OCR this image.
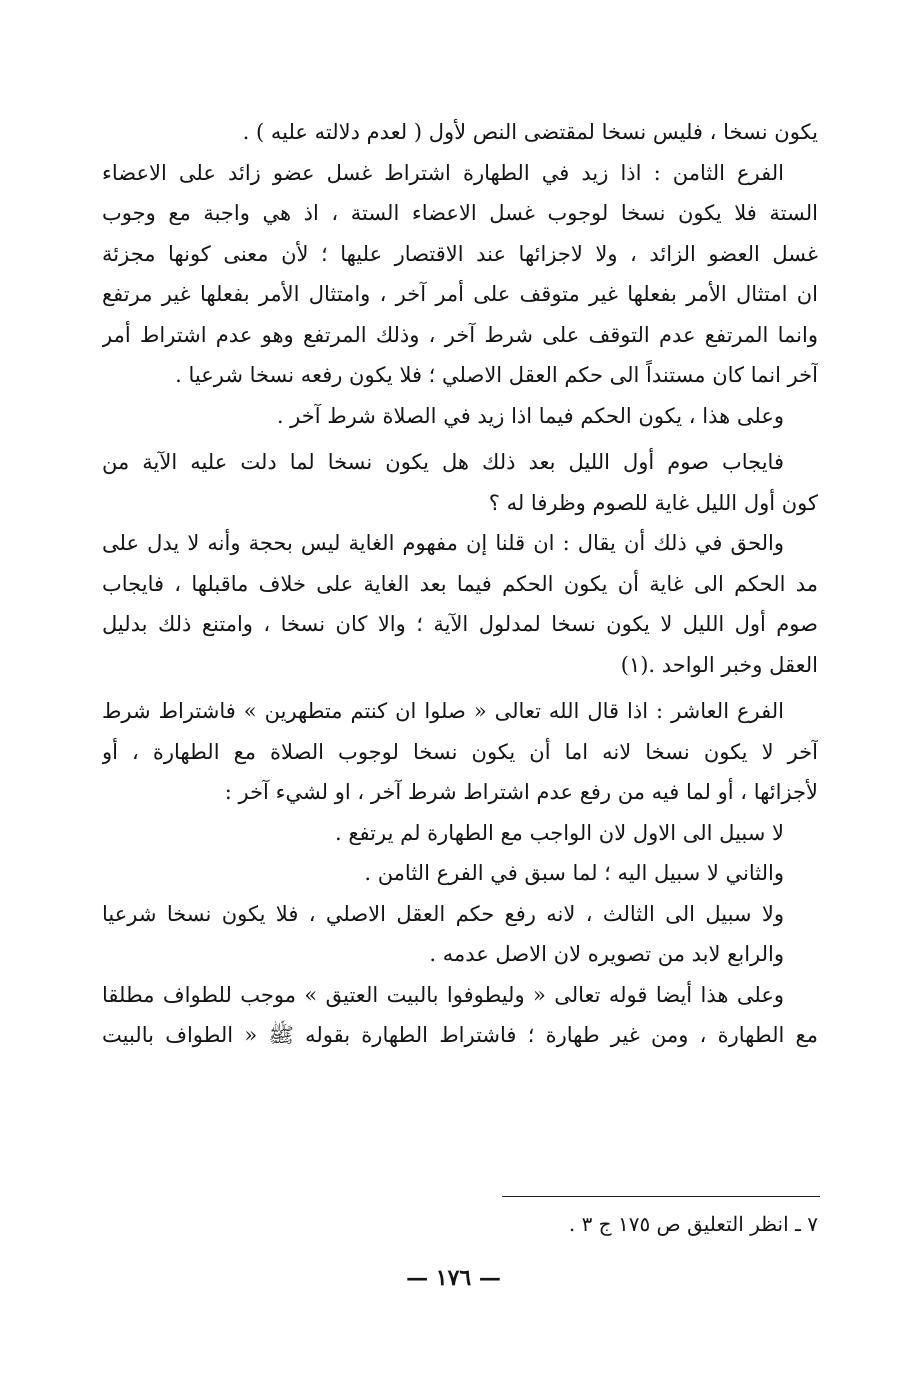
يكون نسخا ، فليس نسخا لمقتضى النص لأول ( لعدم دلالته عليه ) .
الفرع الثامن : اذا زيد في الطهارة اشتراط غسل عضو زائد على الاعضاء
الستة فلا يكون نسخا لوجوب غسل الاعضاء الستة ، اذ هي واجبة مع وجوب
غسل العضو الزائد ، ولا لاجزائها عند الاقتصار عليها ؛ لأن معنى كونها مجزئة
ان امتثال الأمر بفعلها غير متوقف على أمر آخر ، وامتثال الأمر بفعلها غير مرتفع
وانما المرتفع عدم التوقف على شرط آخر ، وذلك المرتفع وهو عدم اشتراط أمر
آخر انما كان مستنداً الى حكم العقل الاصلي ؛ فلا يكون رفعه نسخا شرعيا .
وعلى هذا ، يكون الحكم فيما اذا زيد في الصلاة شرط آخر .
فايجاب صوم أول الليل بعد ذلك هل يكون نسخا لما دلت عليه الآية من
كون أول الليل غاية للصوم وظرفا له ؟
والحق في ذلك أن يقال : ان قلنا إن مفهوم الغاية ليس بحجة وأنه لا يدل على
مد الحكم الى غاية أن يكون الحكم فيما بعد الغاية على خلاف ماقبلها ، فايجاب
صوم أول الليل لا يكون نسخا لمدلول الآية ؛ والا كان نسخا ، وامتنع ذلك بدليل
العقل وخبر الواحد .(١)
الفرع العاشر : اذا قال الله تعالى « صلوا ان كنتم متطهرين » فاشتراط شرط
آخر لا يكون نسخا لانه اما أن يكون نسخا لوجوب الصلاة مع الطهارة ، أو
لأجزائها ، أو لما فيه من رفع عدم اشتراط شرط آخر ، او لشيء آخر :
لا سبيل الى الاول لان الواجب مع الطهارة لم يرتفع .
والثاني لا سبيل اليه ؛ لما سبق في الفرع الثامن .
ولا سبيل الى الثالث ، لانه رفع حكم العقل الاصلي ، فلا يكون نسخا شرعيا
والرابع لابد من تصويره لان الاصل عدمه .
وعلى هذا أيضا قوله تعالى « وليطوفوا بالبيت العتيق » موجب للطواف مطلقا
مع الطهارة ، ومن غير طهارة ؛ فاشتراط الطهارة بقوله ﷺ « الطواف بالبيت
٧ ـ انظر التعليق ص ١٧٥ ج ٣ .
— ١٧٦ —
